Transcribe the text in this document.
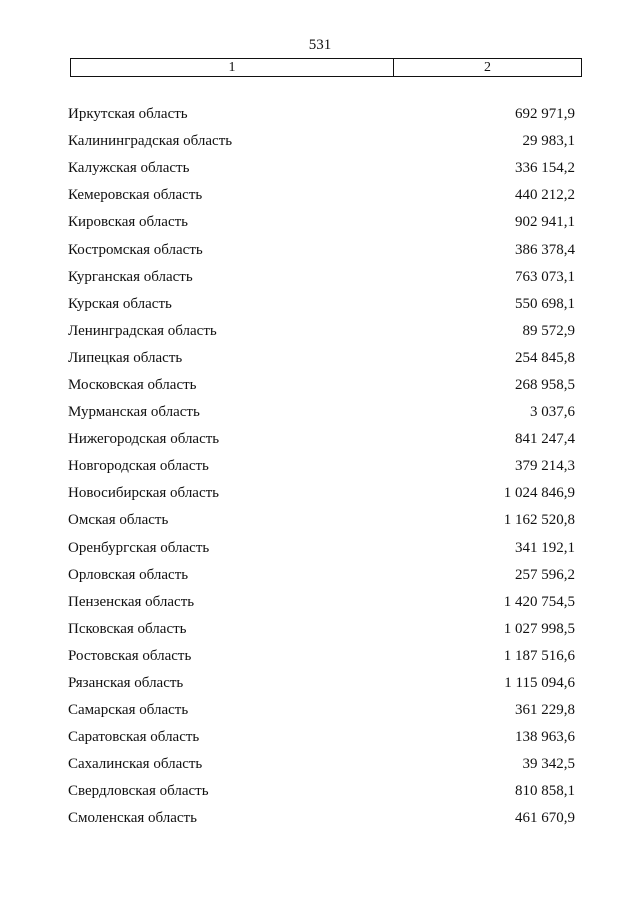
531
1	2
Иркутская область	692 971,9
Калининградская область	29 983,1
Калужская область	336 154,2
Кемеровская область	440 212,2
Кировская область	902 941,1
Костромская область	386 378,4
Курганская область	763 073,1
Курская область	550 698,1
Ленинградская область	89 572,9
Липецкая область	254 845,8
Московская область	268 958,5
Мурманская область	3 037,6
Нижегородская область	841 247,4
Новгородская область	379 214,3
Новосибирская область	1 024 846,9
Омская область	1 162 520,8
Оренбургская область	341 192,1
Орловская область	257 596,2
Пензенская область	1 420 754,5
Псковская область	1 027 998,5
Ростовская область	1 187 516,6
Рязанская область	1 115 094,6
Самарская область	361 229,8
Саратовская область	138 963,6
Сахалинская область	39 342,5
Свердловская область	810 858,1
Смоленская область	461 670,9
